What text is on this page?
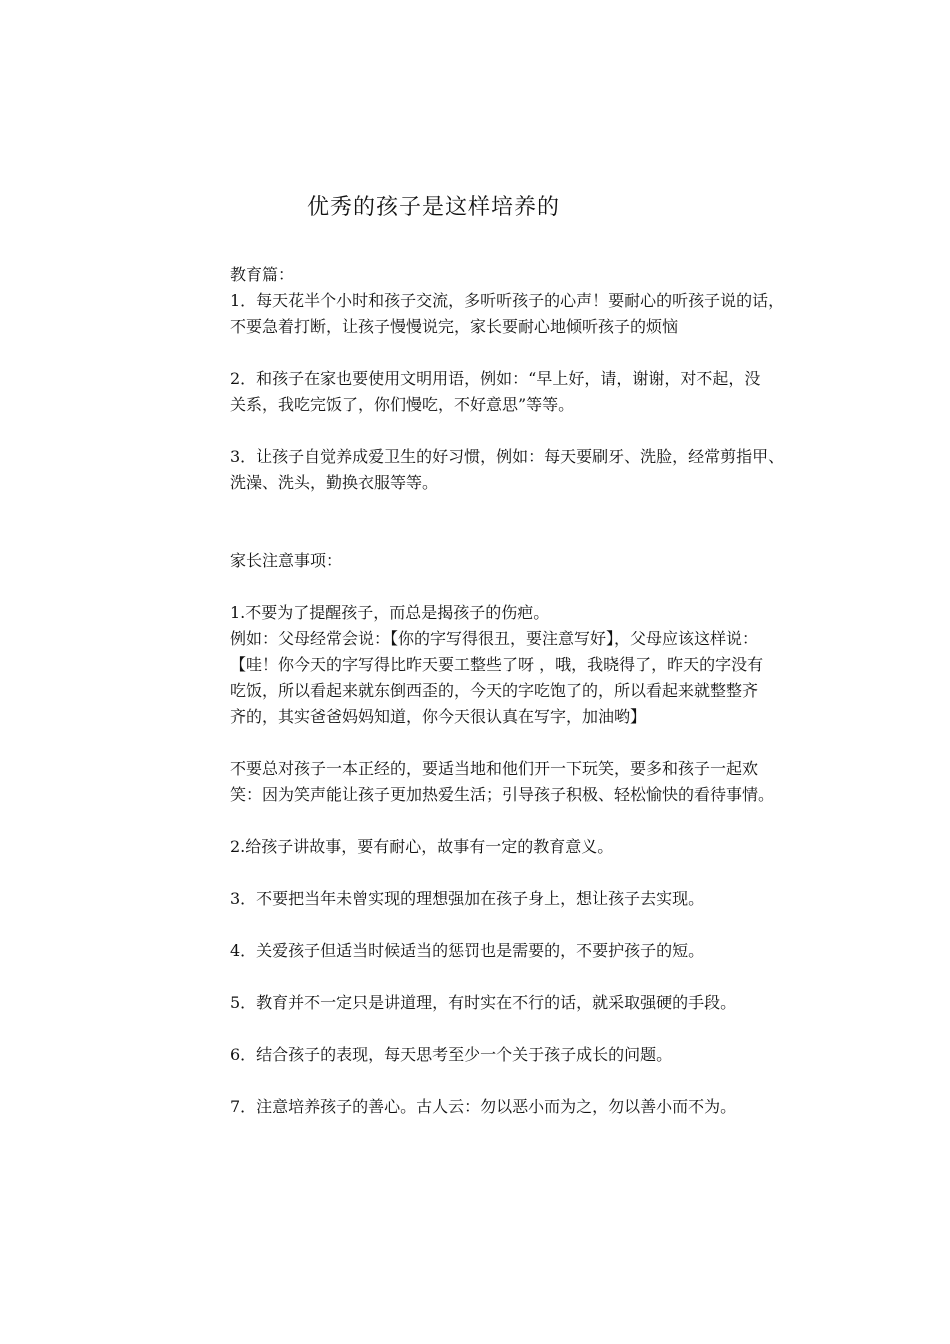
优秀的孩子是这样培养的
教育篇：
1．每天花半个小时和孩子交流，多听听孩子的心声！要耐心的听孩子说的话，
不要急着打断，让孩子慢慢说完，家长要耐心地倾听孩子的烦恼
2．和孩子在家也要使用文明用语，例如：“早上好，请，谢谢，对不起，没
关系，我吃完饭了，你们慢吃，不好意思”等等。
3．让孩子自觉养成爱卫生的好习惯，例如：每天要刷牙、洗脸，经常剪指甲、
洗澡、洗头，勤换衣服等等。
家长注意事项：
1.不要为了提醒孩子，而总是揭孩子的伤疤。
例如：父母经常会说：【你的字写得很丑，要注意写好】，父母应该这样说：
【哇！你今天的字写得比昨天要工整些了呀 ，哦，我晓得了，昨天的字没有
吃饭，所以看起来就东倒西歪的，今天的字吃饱了的，所以看起来就整整齐
齐的，其实爸爸妈妈知道，你今天很认真在写字，加油哟】
不要总对孩子一本正经的，要适当地和他们开一下玩笑，要多和孩子一起欢
笑：因为笑声能让孩子更加热爱生活；引导孩子积极、轻松愉快的看待事情。
2.给孩子讲故事，要有耐心，故事有一定的教育意义。
3．不要把当年未曾实现的理想强加在孩子身上，想让孩子去实现。
4．关爱孩子但适当时候适当的惩罚也是需要的，不要护孩子的短。
5．教育并不一定只是讲道理，有时实在不行的话，就采取强硬的手段。
6．结合孩子的表现，每天思考至少一个关于孩子成长的问题。
7．注意培养孩子的善心。古人云：勿以恶小而为之，勿以善小而不为。
